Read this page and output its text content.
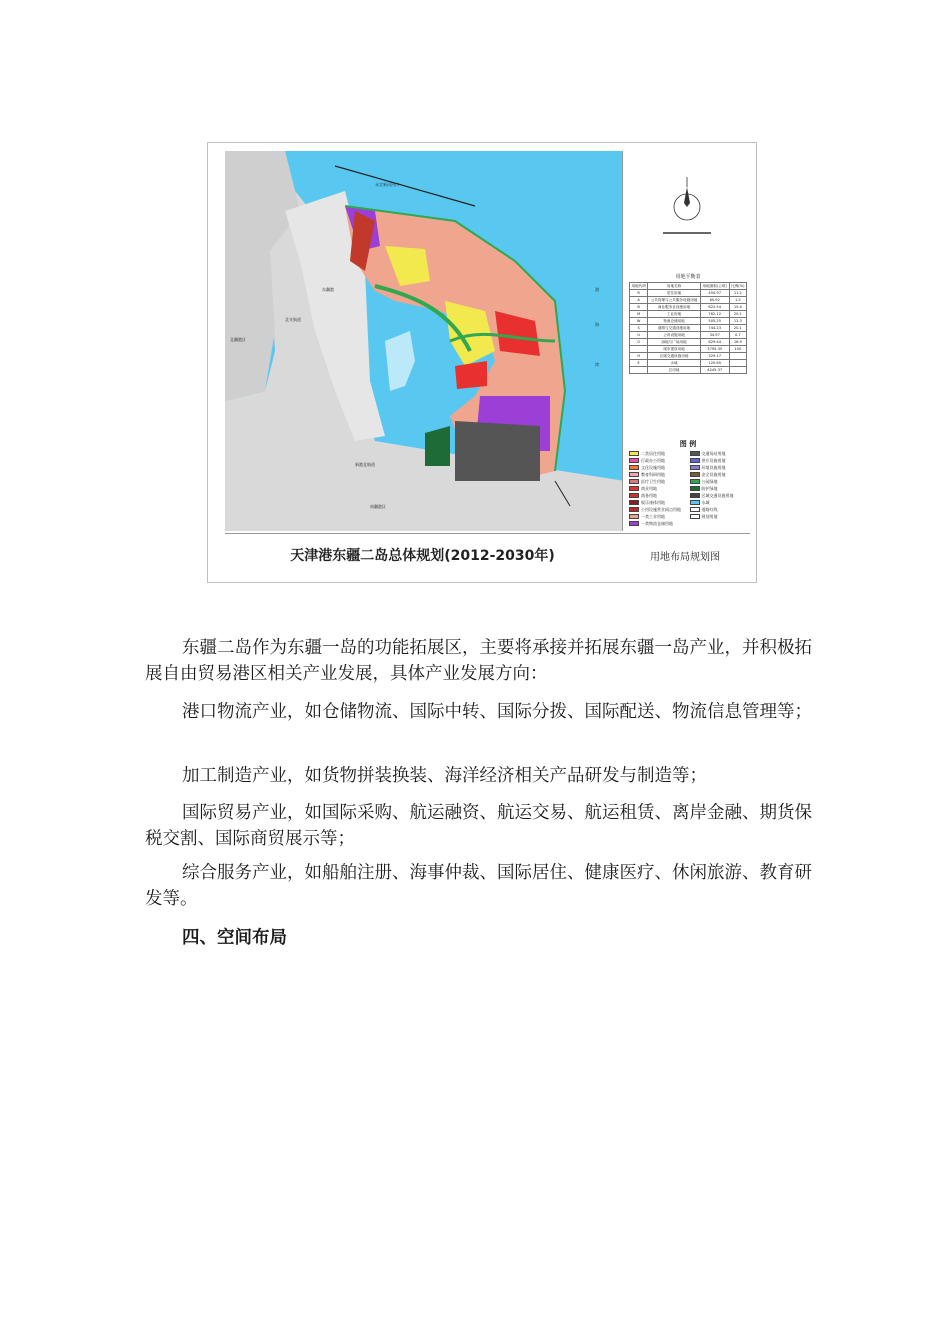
永定新河河口
东疆港
北疆港区
北支航道
新港北航道
南疆港区
渤
海
湾
用地平衡表
用地代码	用地名称	用地面积(公顷)	比例(%)
R	居住用地	455.97	11.2
A	公共管理与公共服务设施用地	60.92	1.5
B	商业服务业设施用地	622.54	15.4
M	工业用地	762.12	20.1
W	物流仓储用地	505.25	12.3
S	道路与交通设施用地	744.23	20.1
U	公用设施用地	34.97	0.7
G	绿地与广场用地	629.44	16.9
	城市建设用地	3795.35	100
H	区域交通设施用地	329.17	
E	水域	120.85	
	总用地	4245.37	
图 例
二类居住用地	交通场站用地
行政办公用地	供应设施用地
文化设施用地	环境设施用地
教育科研用地	安全设施用地
医疗卫生用地	公园绿地
商业用地	防护绿地
商务用地	区域交通设施用地
娱乐康体用地	水域
公用设施营业网点用地	道路红线
一类工业用地	规划用地
一类物流仓储用地
天津港东疆二岛总体规划(2012-2030年)	用地布局规划图

东疆二岛作为东疆一岛的功能拓展区，主要将承接并拓展东疆一岛产业，并积极拓展自由贸易港区相关产业发展，具体产业发展方向：

港口物流产业，如仓储物流、国际中转、国际分拨、国际配送、物流信息管理等；

加工制造产业，如货物拼装换装、海洋经济相关产品研发与制造等；

国际贸易产业，如国际采购、航运融资、航运交易、航运租赁、离岸金融、期货保税交割、国际商贸展示等；

综合服务产业，如船舶注册、海事仲裁、国际居住、健康医疗、休闲旅游、教育研发等。

四、空间布局
